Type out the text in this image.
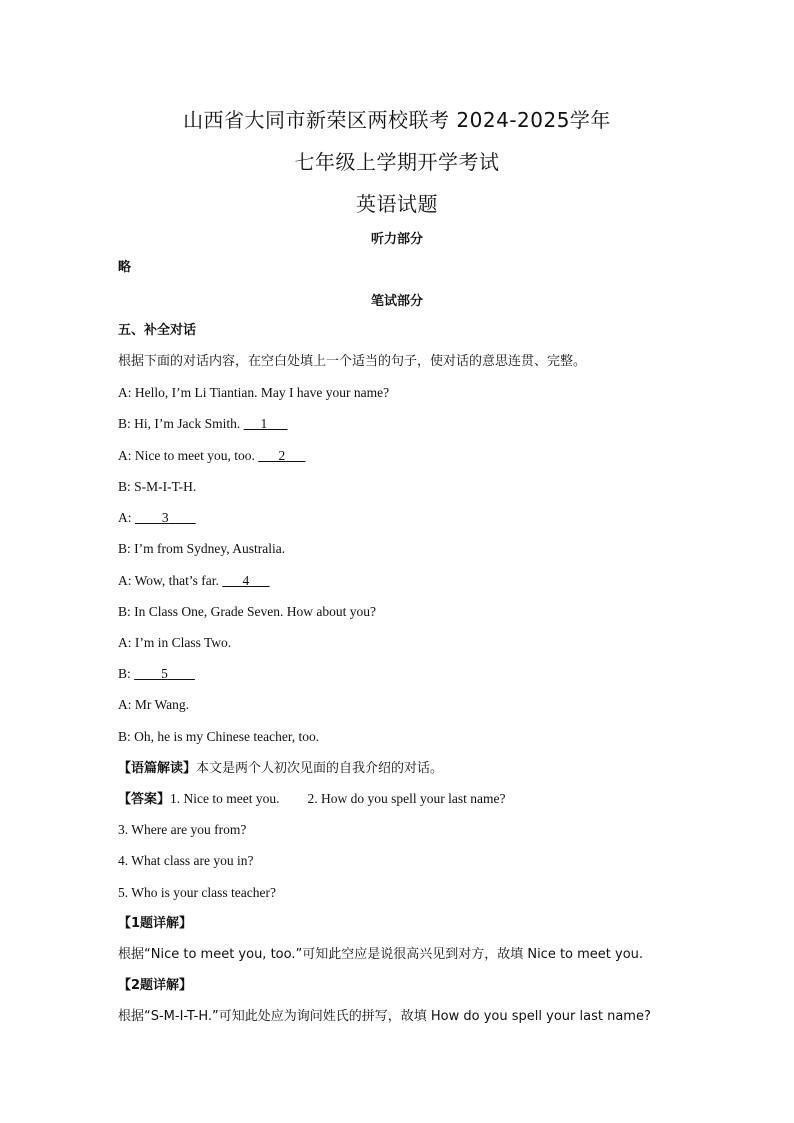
山西省大同市新荣区两校联考 2024-2025学年
七年级上学期开学考试
英语试题
听力部分
略
笔试部分
五、补全对话
根据下面的对话内容，在空白处填上一个适当的句子，使对话的意思连贯、完整。
A: Hello, I’m Li Tiantian. May I have your name?
B: Hi, I’m Jack Smith.      1
A: Nice to meet you, too.       2
B: S-M-I-T-H.
A: 3
B: I’m from Sydney, Australia.
A: Wow, that’s far.       4
B: In Class One, Grade Seven. How about you?
A: I’m in Class Two.
B: 5
A: Mr Wang.
B: Oh, he is my Chinese teacher, too.
【语篇解读】本文是两个人初次见面的自我介绍的对话。
【答案】1. Nice to meet you. 2. How do you spell your last name?
3. Where are you from?
4. What class are you in?
5. Who is your class teacher?
【1题详解】
根据“Nice to meet you, too.”可知此空应是说很高兴见到对方，故填 Nice to meet you.
【2题详解】
根据“S-M-I-T-H.”可知此处应为询问姓氏的拼写，故填 How do you spell your last name?
